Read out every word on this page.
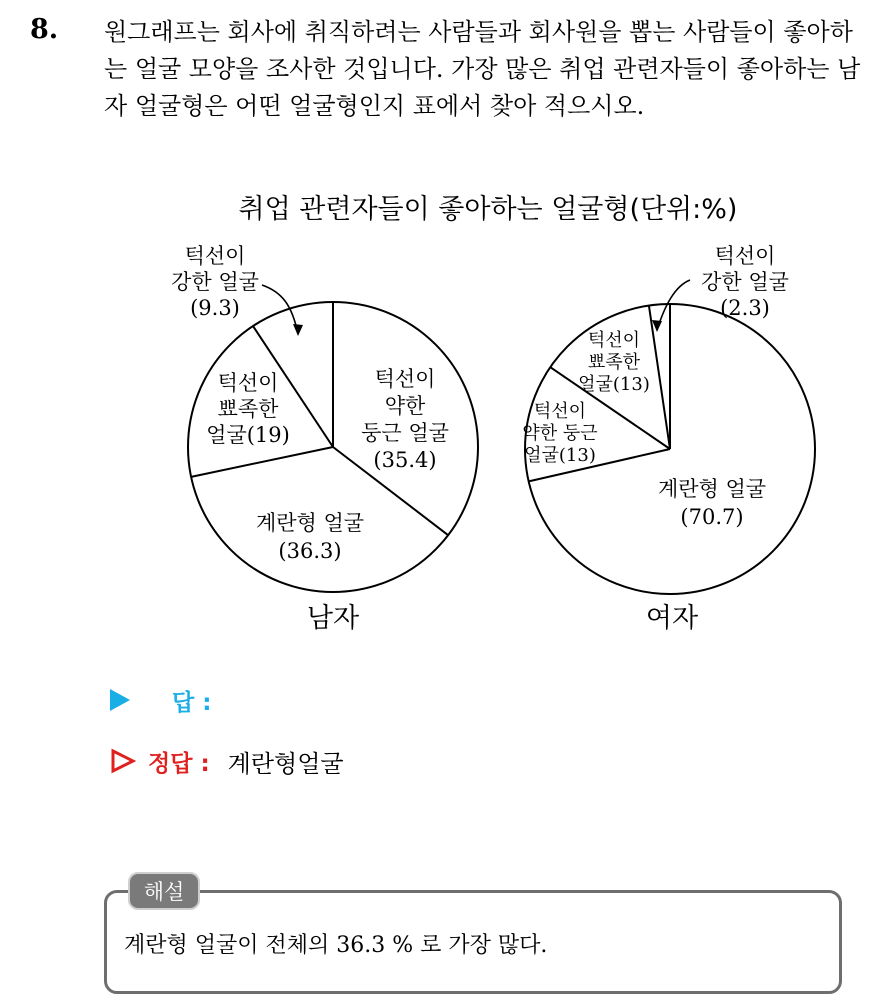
8. 원그래프는 회사에 취직하려는 사람들과 회사원을 뽑는 사람들이 좋아하는 얼굴 모양을 조사한 것입니다. 가장 많은 취업 관련자들이 좋아하는 남자 얼굴형은 어떤 얼굴형인지 표에서 찾아 적으시오.
취업 관련자들이 좋아하는 얼굴형(단위:%)
턱선이 약한 둥근 얼굴 (35.4)
계란형 얼굴 (36.3)
턱선이 뾰족한 얼굴(19)
턱선이 강한 얼굴 (9.3)
계란형 얼굴 (70.7)
턱선이 약한 둥근 얼굴(13)
턱선이 뾰족한 얼굴(13)
턱선이 강한 얼굴 (2.3)
남자	여자
답 :
정답 : 계란형얼굴
해설
계란형 얼굴이 전체의 36.3 % 로 가장 많다.
